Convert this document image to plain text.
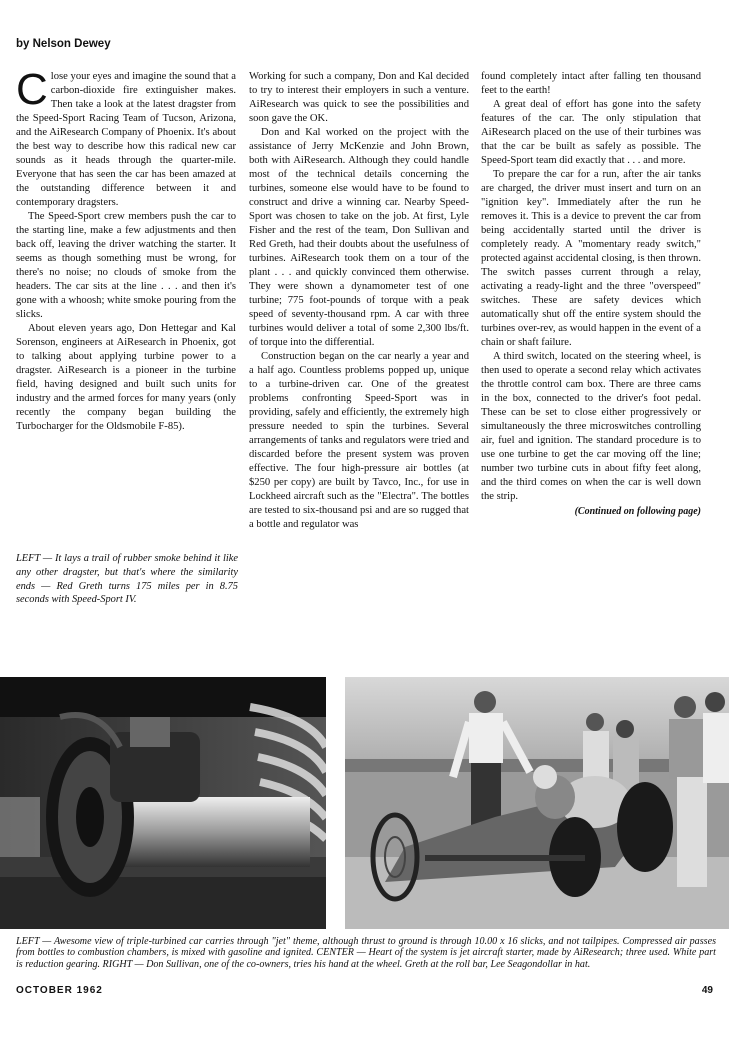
by Nelson Dewey

Close your eyes and imagine the sound that a carbon-dioxide fire extinguisher makes. Then take a look at the latest dragster from the Speed-Sport Racing Team of Tucson, Arizona, and the AiResearch Company of Phoenix. It's about the best way to describe how this radical new car sounds as it heads through the quarter-mile. Everyone that has seen the car has been amazed at the outstanding difference between it and contemporary dragsters.

The Speed-Sport crew members push the car to the starting line, make a few adjustments and then back off, leaving the driver watching the starter. It seems as though something must be wrong, for there's no noise; no clouds of smoke from the headers. The car sits at the line . . . and then it's gone with a whoosh; white smoke pouring from the slicks.

About eleven years ago, Don Hettegar and Kal Sorenson, engineers at AiResearch in Phoenix, got to talking about applying turbine power to a dragster. AiResearch is a pioneer in the turbine field, having designed and built such units for industry and the armed forces for many years (only recently the company began building the Turbocharger for the Oldsmobile F-85).

LEFT — It lays a trail of rubber smoke behind it like any other dragster, but that's where the similarity ends — Red Greth turns 175 miles per in 8.75 seconds with Speed-Sport IV.

Working for such a company, Don and Kal decided to try to interest their employers in such a venture. AiResearch was quick to see the possibilities and soon gave the OK.

Don and Kal worked on the project with the assistance of Jerry McKenzie and John Brown, both with AiResearch. Although they could handle most of the technical details concerning the turbines, someone else would have to be found to construct and drive a winning car. Nearby Speed-Sport was chosen to take on the job. At first, Lyle Fisher and the rest of the team, Don Sullivan and Red Greth, had their doubts about the usefulness of turbines. AiResearch took them on a tour of the plant . . . and quickly convinced them otherwise. They were shown a dynamometer test of one turbine; 775 foot-pounds of torque with a peak speed of seventy-thousand rpm. A car with three turbines would deliver a total of some 2,300 lbs/ft. of torque into the differential.

Construction began on the car nearly a year and a half ago. Countless problems popped up, unique to a turbine-driven car. One of the greatest problems confronting Speed-Sport was in providing, safely and efficiently, the extremely high pressure needed to spin the turbines. Several arrangements of tanks and regulators were tried and discarded before the present system was proven effective. The four high-pressure air bottles (at $250 per copy) are built by Tavco, Inc., for use in Lockheed aircraft such as the "Electra". The bottles are tested to six-thousand psi and are so rugged that a bottle and regulator was

found completely intact after falling ten thousand feet to the earth!

A great deal of effort has gone into the safety features of the car. The only stipulation that AiResearch placed on the use of their turbines was that the car be built as safely as possible. The Speed-Sport team did exactly that . . . and more.

To prepare the car for a run, after the air tanks are charged, the driver must insert and turn on an "ignition key". Immediately after the run he removes it. This is a device to prevent the car from being accidentally started until the driver is completely ready. A "momentary ready switch," protected against accidental closing, is then thrown. The switch passes current through a relay, activating a ready-light and the three "overspeed" switches. These are safety devices which automatically shut off the entire system should the turbines over-rev, as would happen in the event of a chain or shaft failure.

A third switch, located on the steering wheel, is then used to operate a second relay which activates the throttle control cam box. There are three cams in the box, connected to the driver's foot pedal. These can be set to close either progressively or simultaneously the three microswitches controlling air, fuel and ignition. The standard procedure is to use one turbine to get the car moving off the line; number two turbine cuts in about fifty feet along, and the third comes on when the car is well down the strip.

(Continued on following page)
LEFT — Awesome view of triple-turbined car carries through "jet" theme, although thrust to ground is through 10.00 x 16 slicks, and not tailpipes. Compressed air passes from bottles to combustion chambers, is mixed with gasoline and ignited. CENTER — Heart of the system is jet aircraft starter, made by AiResearch; three used. White part is reduction gearing. RIGHT — Don Sullivan, one of the co-owners, tries his hand at the wheel. Greth at the roll bar, Lee Seagondollar in hat.
OCTOBER 1962	49
